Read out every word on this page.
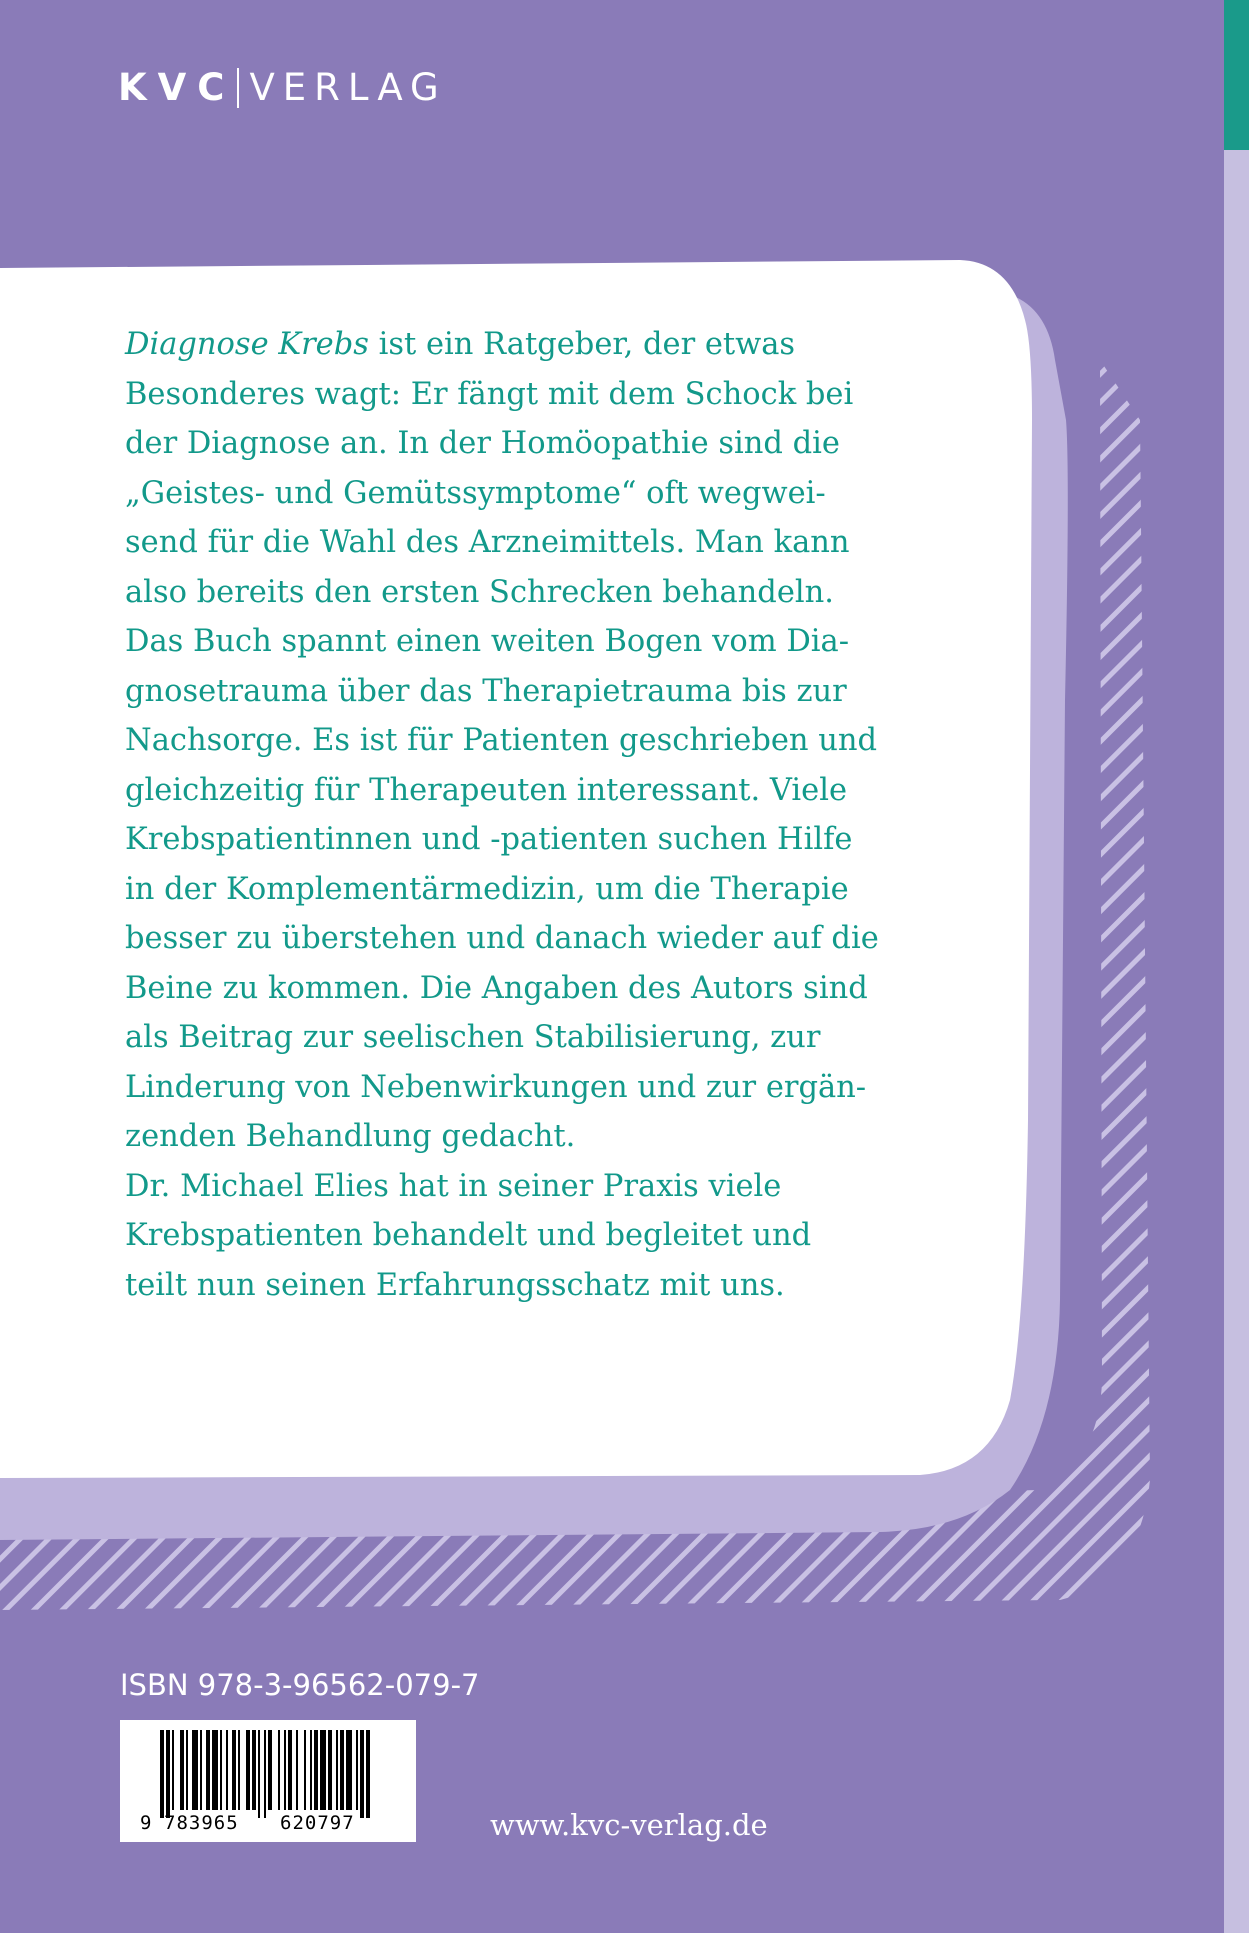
KVC VERLAG

Diagnose Krebs ist ein Ratgeber, der etwas

Besonderes wagt: Er fängt mit dem Schock bei

der Diagnose an. In der Homöopathie sind die

„Geistes- und Gemütssymptome“ oft wegwei-

send für die Wahl des Arzneimittels. Man kann

also bereits den ersten Schrecken behandeln.

Das Buch spannt einen weiten Bogen vom Dia-

gnosetrauma über das Therapietrauma bis zur

Nachsorge. Es ist für Patienten geschrieben und

gleichzeitig für Therapeuten interessant. Viele

Krebspatientinnen und -patienten suchen Hilfe

in der Komplementärmedizin, um die Therapie

besser zu überstehen und danach wieder auf die

Beine zu kommen. Die Angaben des Autors sind

als Beitrag zur seelischen Stabilisierung, zur

Linderung von Nebenwirkungen und zur ergän-

zenden Behandlung gedacht.

Dr. Michael Elies hat in seiner Praxis viele

Krebspatienten behandelt und begleitet und

teilt nun seinen Erfahrungsschatz mit uns.

ISBN 978-3-96562-079-7
9 783965 620797	www.kvc-verlag.de
